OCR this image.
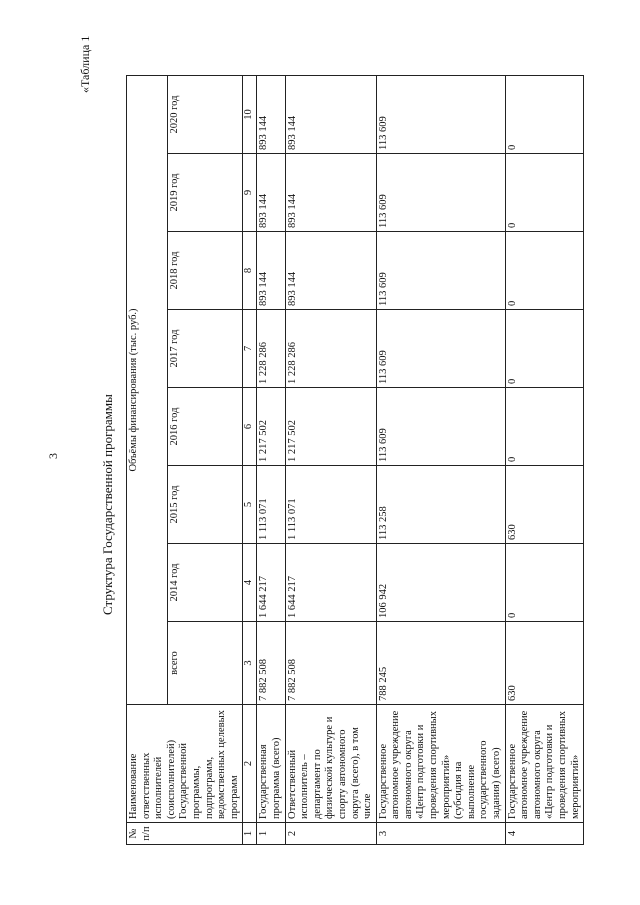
3
«Таблица 1
Структура Государственной программы
№ п/п	Наименование ответственных исполнителей (соисполнителей) Государственной программы, подпрограмм, ведомственных целевых программ	Объёмы финансирования (тыс. руб.)							
		всего	2014 год	2015 год	2016 год	2017 год	2018 год	2019 год	2020 год
1	2	3	4	5	6	7	8	9	10
1	Государственная программа (всего)	7 882 508	1 644 217	1 113 071	1 217 502	1 228 286	893 144	893 144	893 144
2	Ответственный исполнитель – департамент по физической культуре и спорту автономного округа (всего), в том числе	7 882 508	1 644 217	1 113 071	1 217 502	1 228 286	893 144	893 144	893 144
3	Государственное автономное учреждение автономного округа «Центр подготовки и проведения спортивных мероприятий» (субсидия на выполнение государственного задания) (всего)	788 245	106 942	113 258	113 609	113 609	113 609	113 609	113 609
4	Государственное автономное учреждение автономного округа «Центр подготовки и проведения спортивных мероприятий»	630	0	630	0	0	0	0	0
